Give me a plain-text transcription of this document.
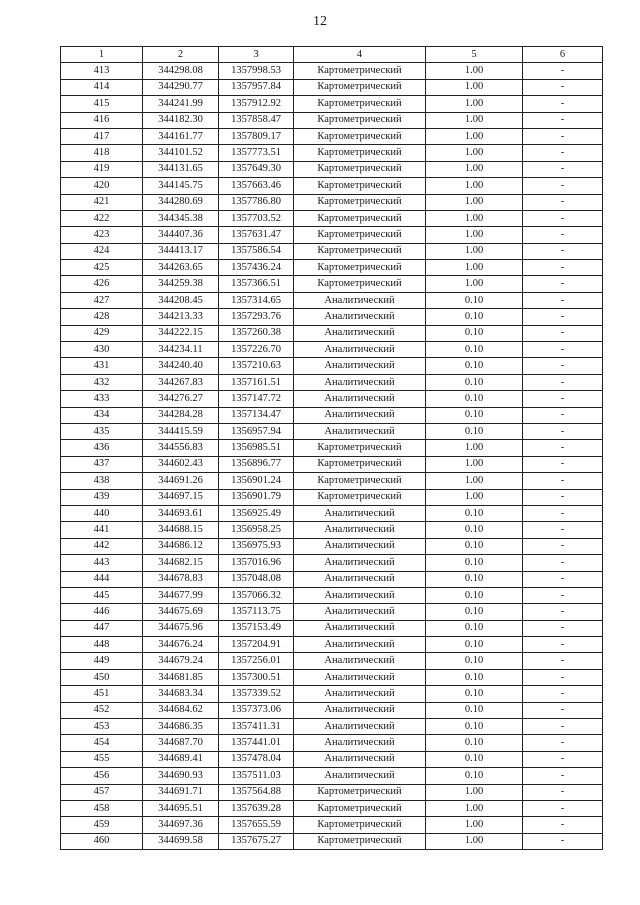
12
1	2	3	4	5	6
413	344298.08	1357998.53	Картометрический	1.00	-
414	344290.77	1357957.84	Картометрический	1.00	-
415	344241.99	1357912.92	Картометрический	1.00	-
416	344182.30	1357858.47	Картометрический	1.00	-
417	344161.77	1357809.17	Картометрический	1.00	-
418	344101.52	1357773.51	Картометрический	1.00	-
419	344131.65	1357649.30	Картометрический	1.00	-
420	344145.75	1357663.46	Картометрический	1.00	-
421	344280.69	1357786.80	Картометрический	1.00	-
422	344345.38	1357703.52	Картометрический	1.00	-
423	344407.36	1357631.47	Картометрический	1.00	-
424	344413.17	1357586.54	Картометрический	1.00	-
425	344263.65	1357436.24	Картометрический	1.00	-
426	344259.38	1357366.51	Картометрический	1.00	-
427	344208.45	1357314.65	Аналитический	0.10	-
428	344213.33	1357293.76	Аналитический	0.10	-
429	344222.15	1357260.38	Аналитический	0.10	-
430	344234.11	1357226.70	Аналитический	0.10	-
431	344240.40	1357210.63	Аналитический	0.10	-
432	344267.83	1357161.51	Аналитический	0.10	-
433	344276.27	1357147.72	Аналитический	0.10	-
434	344284.28	1357134.47	Аналитический	0.10	-
435	344415.59	1356957.94	Аналитический	0.10	-
436	344556.83	1356985.51	Картометрический	1.00	-
437	344602.43	1356896.77	Картометрический	1.00	-
438	344691.26	1356901.24	Картометрический	1.00	-
439	344697.15	1356901.79	Картометрический	1.00	-
440	344693.61	1356925.49	Аналитический	0.10	-
441	344688.15	1356958.25	Аналитический	0.10	-
442	344686.12	1356975.93	Аналитический	0.10	-
443	344682.15	1357016.96	Аналитический	0.10	-
444	344678.83	1357048.08	Аналитический	0.10	-
445	344677.99	1357066.32	Аналитический	0.10	-
446	344675.69	1357113.75	Аналитический	0.10	-
447	344675.96	1357153.49	Аналитический	0.10	-
448	344676.24	1357204.91	Аналитический	0.10	-
449	344679.24	1357256.01	Аналитический	0.10	-
450	344681.85	1357300.51	Аналитический	0.10	-
451	344683.34	1357339.52	Аналитический	0.10	-
452	344684.62	1357373.06	Аналитический	0.10	-
453	344686.35	1357411.31	Аналитический	0.10	-
454	344687.70	1357441.01	Аналитический	0.10	-
455	344689.41	1357478.04	Аналитический	0.10	-
456	344690.93	1357511.03	Аналитический	0.10	-
457	344691.71	1357564.88	Картометрический	1.00	-
458	344695.51	1357639.28	Картометрический	1.00	-
459	344697.36	1357655.59	Картометрический	1.00	-
460	344699.58	1357675.27	Картометрический	1.00	-
